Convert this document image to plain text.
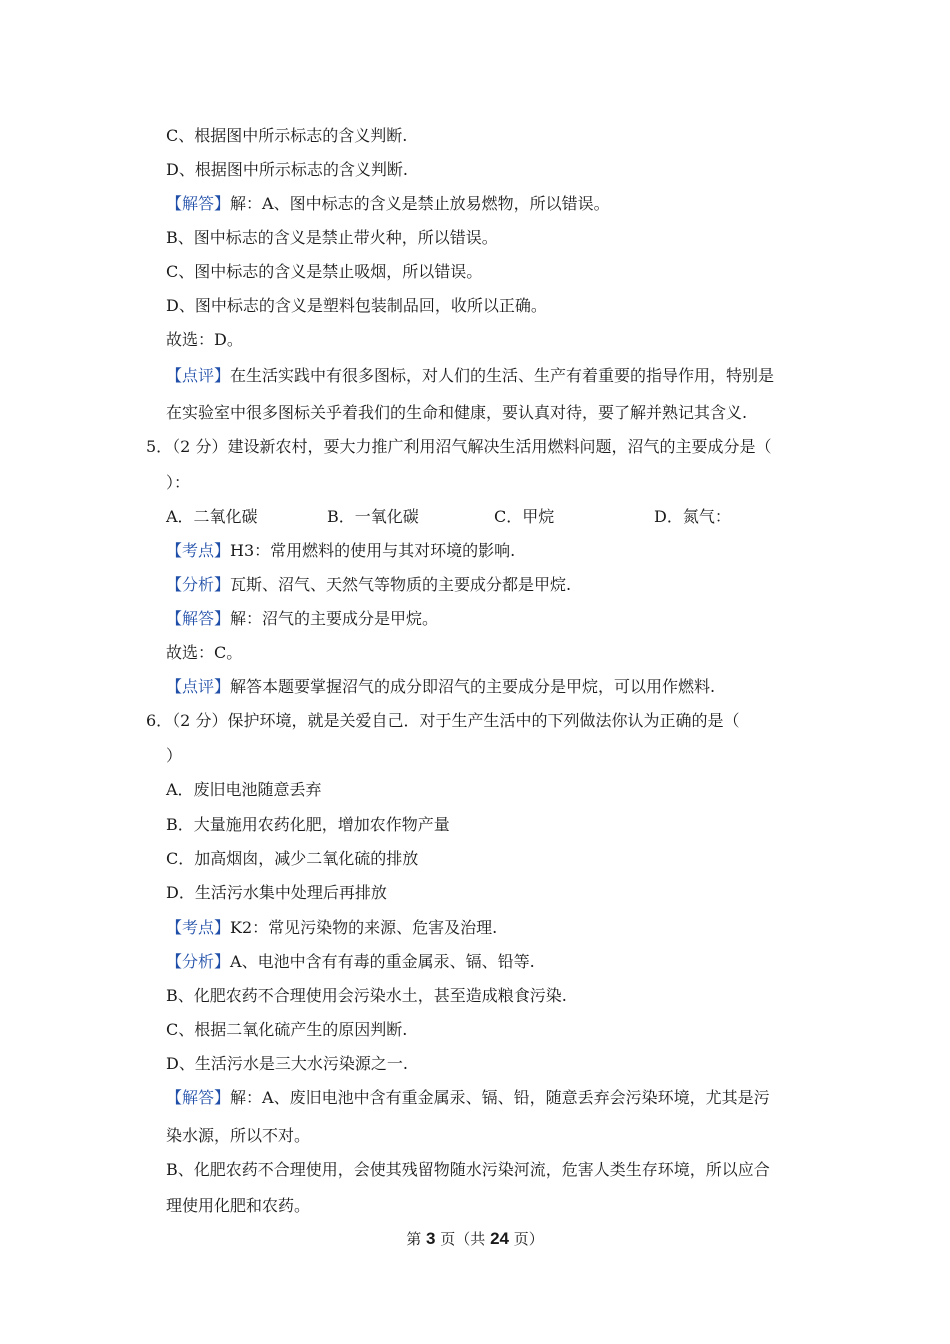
C、根据图中所示标志的含义判断.
D、根据图中所示标志的含义判断.
【解答】解：A、图中标志的含义是禁止放易燃物，所以错误。
B、图中标志的含义是禁止带火种，所以错误。
C、图中标志的含义是禁止吸烟，所以错误。
D、图中标志的含义是塑料包装制品回，收所以正确。
故选：D。
【点评】在生活实践中有很多图标，对人们的生活、生产有着重要的指导作用，特别是
在实验室中很多图标关乎着我们的生命和健康，要认真对待，要了解并熟记其含义.
5．（2 分）建设新农村，要大力推广利用沼气解决生活用燃料问题，沼气的主要成分是（
）：
A．二氧化碳	B．一氧化碳	C．甲烷	D．氮气：
【考点】H3：常用燃料的使用与其对环境的影响.
【分析】瓦斯、沼气、天然气等物质的主要成分都是甲烷.
【解答】解：沼气的主要成分是甲烷。
故选：C。
【点评】解答本题要掌握沼气的成分即沼气的主要成分是甲烷，可以用作燃料.
6．（2 分）保护环境，就是关爱自己．对于生产生活中的下列做法你认为正确的是（
）
A．废旧电池随意丢弃
B．大量施用农药化肥，增加农作物产量
C．加高烟囱，减少二氧化硫的排放
D．生活污水集中处理后再排放
【考点】K2：常见污染物的来源、危害及治理.
【分析】A、电池中含有有毒的重金属汞、镉、铅等.
B、化肥农药不合理使用会污染水土，甚至造成粮食污染.
C、根据二氧化硫产生的原因判断.
D、生活污水是三大水污染源之一.
【解答】解：A、废旧电池中含有重金属汞、镉、铅，随意丢弃会污染环境，尤其是污
染水源，所以不对。
B、化肥农药不合理使用，会使其残留物随水污染河流，危害人类生存环境，所以应合
理使用化肥和农药。
第 3 页（共 24 页）
